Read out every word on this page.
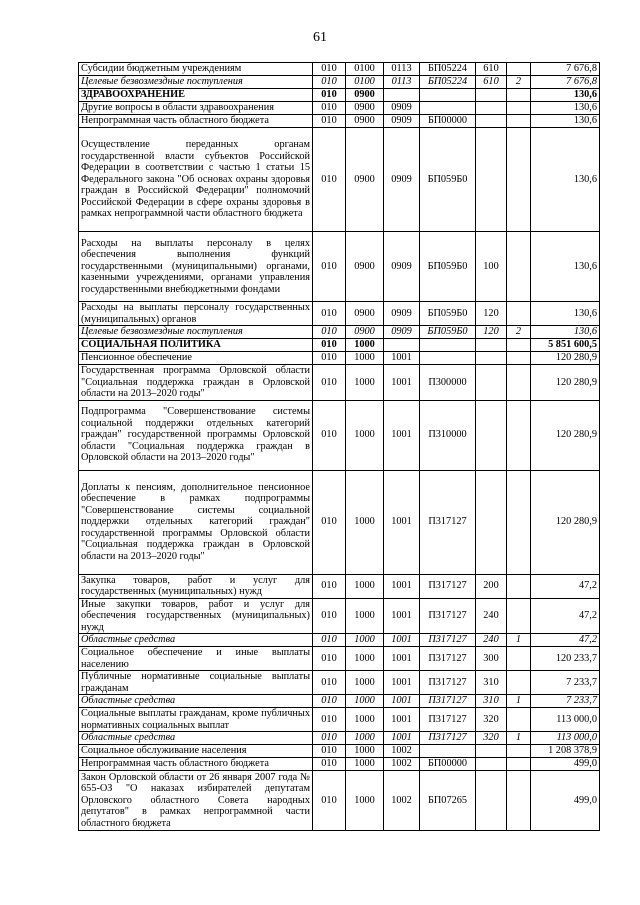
61
Субсидии бюджетным учреждениям	010	0100	0113	БП05224	610		7 676,8
Целевые безвозмездные поступления	010	0100	0113	БП05224	610	2	7 676,8
ЗДРАВООХРАНЕНИЕ	010	0900					130,6
Другие вопросы в области здравоохранения	010	0900	0909				130,6
Непрограммная часть областного бюджета	010	0900	0909	БП00000			130,6
Осуществление переданных органам государственной власти субъектов Российской Федерации в соответствии с частью 1 статьи 15 Федерального закона "Об основах охраны здоровья граждан в Российской Федерации" полномочий Российской Федерации в сфере охраны здоровья в рамках непрограммной части областного бюджета	010	0900	0909	БП059Б0			130,6
Расходы на выплаты персоналу в целях обеспечения выполнения функций государственными (муниципальными) органами, казенными учреждениями, органами управления государственными внебюджетными фондами	010	0900	0909	БП059Б0	100		130,6
Расходы на выплаты персоналу государственных (муниципальных) органов	010	0900	0909	БП059Б0	120		130,6
Целевые безвозмездные поступления	010	0900	0909	БП059Б0	120	2	130,6
СОЦИАЛЬНАЯ ПОЛИТИКА	010	1000					5 851 600,5
Пенсионное обеспечение	010	1000	1001				120 280,9
Государственная программа Орловской области "Социальная поддержка граждан в Орловской области на 2013–2020 годы"	010	1000	1001	П300000			120 280,9
Подпрограмма "Совершенствование системы социальной поддержки отдельных категорий граждан" государственной программы Орловской области "Социальная поддержка граждан в Орловской области на 2013–2020 годы"	010	1000	1001	П310000			120 280,9
Доплаты к пенсиям, дополнительное пенсионное обеспечение в рамках подпрограммы "Совершенствование системы социальной поддержки отдельных категорий граждан" государственной программы Орловской области "Социальная поддержка граждан в Орловской области на 2013–2020 годы"	010	1000	1001	П317127			120 280,9
Закупка товаров, работ и услуг для государственных (муниципальных) нужд	010	1000	1001	П317127	200		47,2
Иные закупки товаров, работ и услуг для обеспечения государственных (муниципальных) нужд	010	1000	1001	П317127	240		47,2
Областные средства	010	1000	1001	П317127	240	1	47,2
Социальное обеспечение и иные выплаты населению	010	1000	1001	П317127	300		120 233,7
Публичные нормативные социальные выплаты гражданам	010	1000	1001	П317127	310		7 233,7
Областные средства	010	1000	1001	П317127	310	1	7 233,7
Социальные выплаты гражданам, кроме публичных нормативных социальных выплат	010	1000	1001	П317127	320		113 000,0
Областные средства	010	1000	1001	П317127	320	1	113 000,0
Социальное обслуживание населения	010	1000	1002				1 208 378,9
Непрограммная часть областного бюджета	010	1000	1002	БП00000			499,0
Закон Орловской области от 26 января 2007 года № 655-ОЗ "О наказах избирателей депутатам Орловского областного Совета народных депутатов" в рамках непрограммной части областного бюджета	010	1000	1002	БП07265			499,0
